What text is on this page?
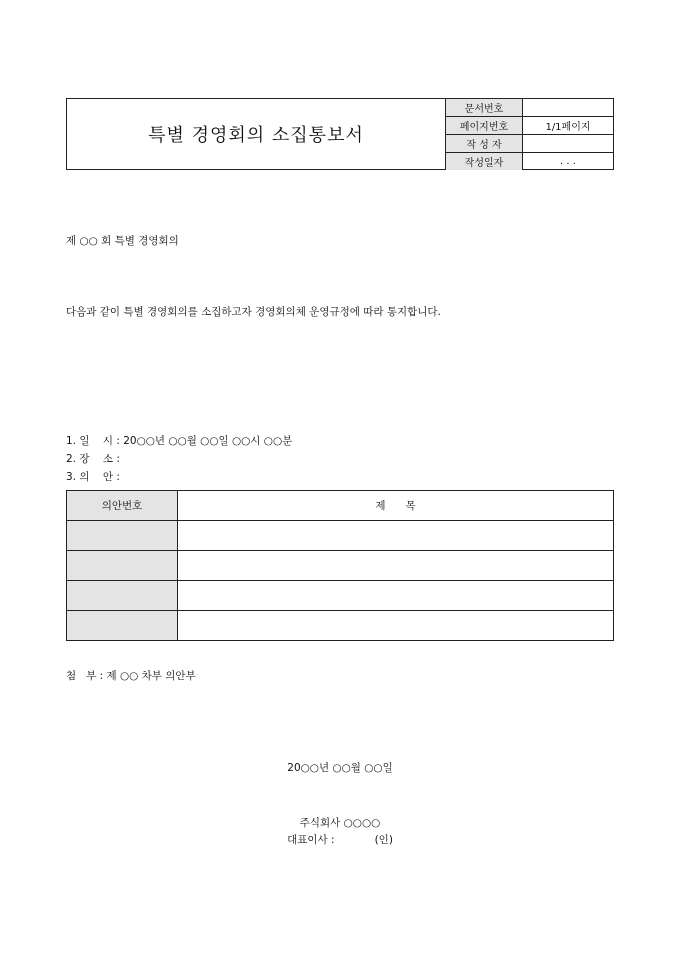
특별 경영회의 소집통보서
문서번호	
페이지번호	1/1페이지
작 성 자	
작성일자	. . .
제 ○○ 회 특별 경영회의
다음과 같이 특별 경영회의를 소집하고자 경영회의체 운영규정에 따라 통지합니다.
1. 일    시 : 20○○년 ○○월 ○○일 ○○시 ○○분
2. 장    소 :
3. 의    안 :
의안번호	제      목

첨   부 : 제 ○○ 차부 의안부
20○○년 ○○월 ○○일
주식회사 ○○○○
대표이사 :            (인)
